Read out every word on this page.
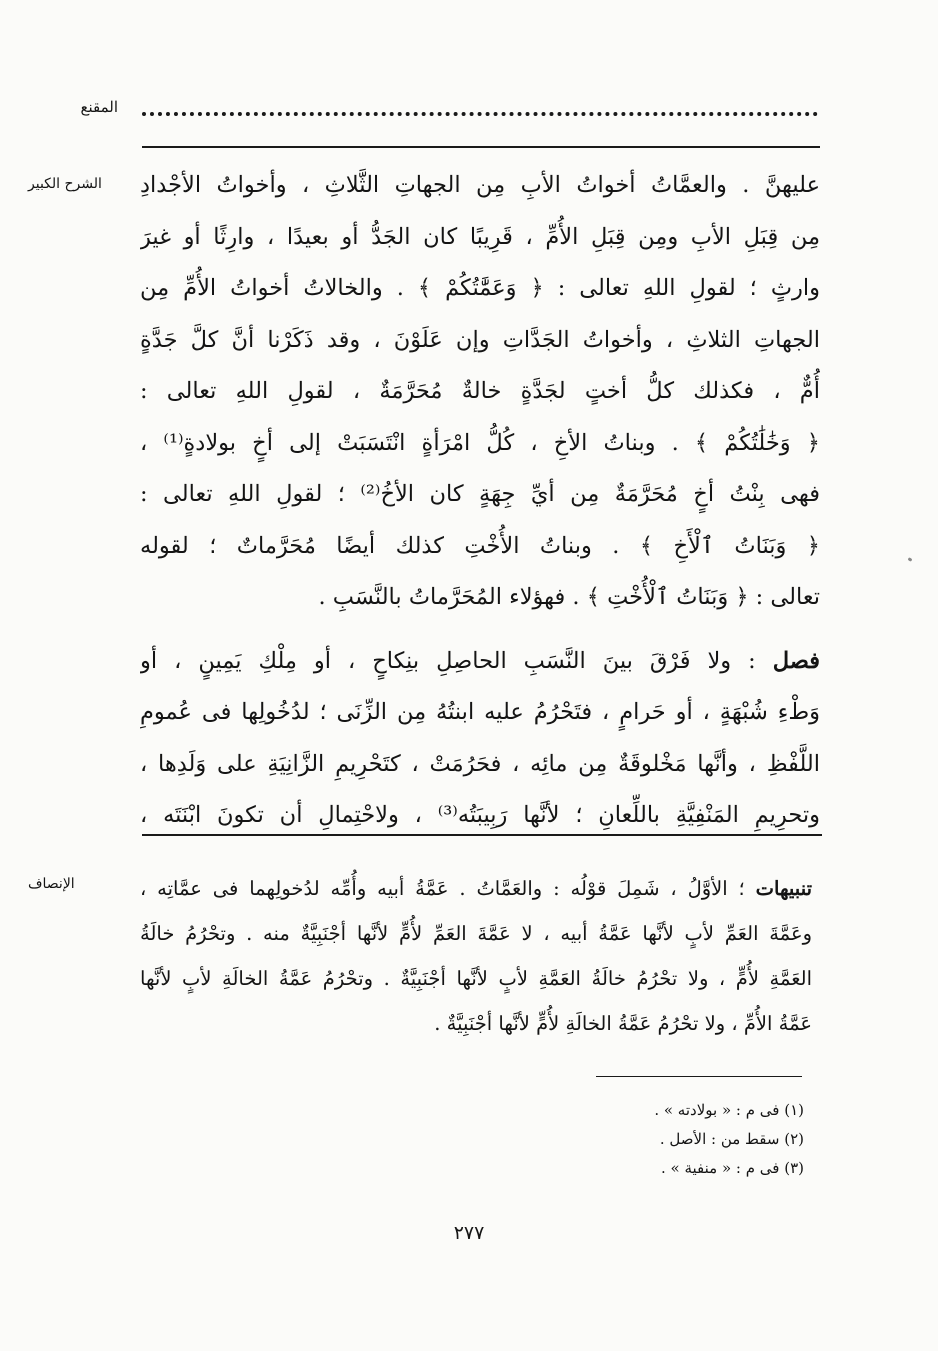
المقنع
الشرح الكبير
الإنصاف
عليهنَّ . والعمَّاتُ أخواتُ الأبِ مِن الجهاتِ الثَّلاثِ ، وأخواتُ الأجْدادِ
مِن قِبَلِ الأبِ ومِن قِبَلِ الأُمِّ ، قَرِيبًا كان الجَدُّ أو بعيدًا ، وارِثًا أو غيرَ
وارثٍ ؛ لقولِ اللهِ تعالى : ﴿ وَعَمَّٰتُكُمْ ﴾ . والخالاتُ أخواتُ الأُمِّ مِن
الجهاتِ الثلاثِ ، وأخواتُ الجَدَّاتِ وإن عَلَوْنَ ، وقد ذَكَرْنا أنَّ كلَّ جَدَّةٍ
أُمٌّ ، فكذلك كلُّ أختٍ لجَدَّةٍ خالةٌ مُحَرَّمَةٌ ، لقولِ اللهِ تعالى :
﴿ وَخَٰلَٰتُكُمْ ﴾ . وبناتُ الأخِ ، كُلُّ امْرَأةٍ انْتَسَبَتْ إلى أخٍ بولادةٍ⁽¹⁾ ،
فهى بِنْتُ أخٍ مُحَرَّمَةٌ مِن أيِّ جِهَةٍ كان الأخُ⁽²⁾ ؛ لقولِ اللهِ تعالى :
﴿ وَبَنَاتُ ٱلْأَخِ ﴾ . وبناتُ الأُخْتِ كذلك أيضًا مُحَرَّماتٌ ؛ لقوله
تعالى : ﴿ وَبَنَاتُ ٱلْأُخْتِ ﴾ . فهؤلاء المُحَرَّماتُ بالنَّسَبِ .
فصل : ولا فَرْقَ بينَ النَّسَبِ الحاصِلِ بنِكاحٍ ، أو مِلْكِ يَمِينٍ ، أو
وَطْءِ شُبْهَةٍ ، أو حَرامٍ ، فتَحْرُمُ عليه ابنتُهُ مِن الزِّنَى ؛ لدُخُولِها فى عُمومِ
اللَّفْظِ ، وأنَّها مَخْلوقَةٌ مِن مائِه ، فحَرُمَتْ ، كتَحْرِيمِ الزَّانِيَةِ على وَلَدِها ،
وتحرِيمِ المَنْفِيَّةِ باللِّعانِ ؛ لأنَّها رَبِيبَتُه⁽³⁾ ، ولاحْتِمالِ أن تكونَ ابْنَتَه ،
تنبيهات ؛ الأوَّلُ ، شَمِلَ قوْلُه : والعَمَّاتُ . عَمَّةُ أبيه وأُمِّه لدُخولِهما فى عمَّاتِه ،
وعَمَّةَ العَمِّ لأبٍ لأنَّها عَمَّةُ أبيه ، لا عَمَّةَ العَمِّ لأُمٍّ لأنَّها أجْنَبِيَّةٌ منه . وتحْرُمُ خالَةُ
العَمَّةِ لأُمٍّ ، ولا تحْرُمُ خالَةُ العَمَّةِ لأبٍ لأنَّها أجْنَبِيَّةٌ . وتحْرُمُ عَمَّةُ الخالَةِ لأبٍ لأنَّها
عَمَّةُ الأُمِّ ، ولا تحْرُمُ عَمَّةُ الخالَةِ لأُمٍّ لأنَّها أجْنَبِيَّةٌ .
(١) فى م : « بولادته » .
(٢) سقط من : الأصل .
(٣) فى م : « منفية » .
٢٧٧
